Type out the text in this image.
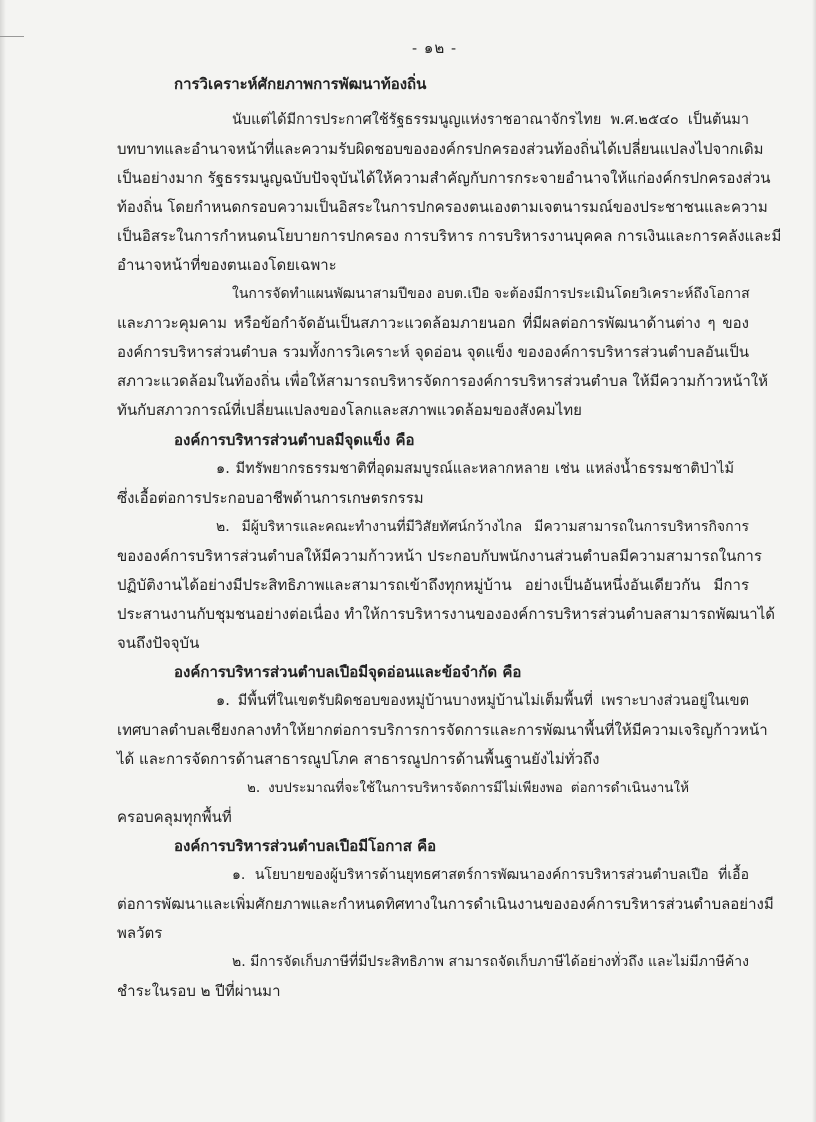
- ๑๒ -
การวิเคราะห์ศักยภาพการพัฒนาท้องถิ่น
นับแต่ได้มีการประกาศใช้รัฐธรรมนูญแห่งราชอาณาจักรไทย พ.ศ.๒๕๔๐ เป็นต้นมา
บทบาทและอำนาจหน้าที่และความรับผิดชอบขององค์กรปกครองส่วนท้องถิ่นได้เปลี่ยนแปลงไปจากเดิม
เป็นอย่างมาก รัฐธรรมนูญฉบับปัจจุบันได้ให้ความสำคัญกับการกระจายอำนาจให้แก่องค์กรปกครองส่วน
ท้องถิ่น โดยกำหนดกรอบความเป็นอิสระในการปกครองตนเองตามเจตนารมณ์ของประชาชนและความ
เป็นอิสระในการกำหนดนโยบายการปกครอง การบริหาร การบริหารงานบุคคล การเงินและการคลังและมี
อำนาจหน้าที่ของตนเองโดยเฉพาะ
ในการจัดทำแผนพัฒนาสามปีของ อบต.เปือ จะต้องมีการประเมินโดยวิเคราะห์ถึงโอกาส
และภาวะคุมคาม หรือข้อกำจัดอันเป็นสภาวะแวดล้อมภายนอก ที่มีผลต่อการพัฒนาด้านต่าง ๆ ของ
องค์การบริหารส่วนตำบล รวมทั้งการวิเคราะห์ จุดอ่อน จุดแข็ง ขององค์การบริหารส่วนตำบลอันเป็น
สภาวะแวดล้อมในท้องถิ่น เพื่อให้สามารถบริหารจัดการองค์การบริหารส่วนตำบล ให้มีความก้าวหน้าให้
ทันกับสภาวการณ์ที่เปลี่ยนแปลงของโลกและสภาพแวดล้อมของสังคมไทย
องค์การบริหารส่วนตำบลมีจุดแข็ง คือ
๑. มีทรัพยากรธรรมชาติที่อุดมสมบูรณ์และหลากหลาย เช่น แหล่งน้ำธรรมชาติป่าไม้
ซึ่งเอื้อต่อการประกอบอาชีพด้านการเกษตรกรรม
๒. มีผู้บริหารและคณะทำงานที่มีวิสัยทัศน์กว้างไกล มีความสามารถในการบริหารกิจการ
ขององค์การบริหารส่วนตำบลให้มีความก้าวหน้า ประกอบกับพนักงานส่วนตำบลมีความสามารถในการ
ปฏิบัติงานได้อย่างมีประสิทธิภาพและสามารถเข้าถึงทุกหมู่บ้าน อย่างเป็นอันหนึ่งอันเดียวกัน มีการ
ประสานงานกับชุมชนอย่างต่อเนื่อง ทำให้การบริหารงานขององค์การบริหารส่วนตำบลสามารถพัฒนาได้
จนถึงปัจจุบัน
องค์การบริหารส่วนตำบลเปือมีจุดอ่อนและข้อจำกัด คือ
๑. มีพื้นที่ในเขตรับผิดชอบของหมู่บ้านบางหมู่บ้านไม่เต็มพื้นที่ เพราะบางส่วนอยู่ในเขต
เทศบาลตำบลเชียงกลางทำให้ยากต่อการบริการการจัดการและการพัฒนาพื้นที่ให้มีความเจริญก้าวหน้า
ได้ และการจัดการด้านสาธารณูปโภค สาธารณูปการด้านพื้นฐานยังไม่ทั่วถึง
๒. งบประมาณที่จะใช้ในการบริหารจัดการมีไม่เพียงพอ ต่อการดำเนินงานให้
ครอบคลุมทุกพื้นที่
องค์การบริหารส่วนตำบลเปือมีโอกาส คือ
๑. นโยบายของผู้บริหารด้านยุทธศาสตร์การพัฒนาองค์การบริหารส่วนตำบลเปือ ที่เอื้อ
ต่อการพัฒนาและเพิ่มศักยภาพและกำหนดทิศทางในการดำเนินงานขององค์การบริหารส่วนตำบลอย่างมี
พลวัตร
๒. มีการจัดเก็บภาษีที่มีประสิทธิภาพ สามารถจัดเก็บภาษีได้อย่างทั่วถึง และไม่มีภาษีค้าง
ชำระในรอบ ๒ ปีที่ผ่านมา
